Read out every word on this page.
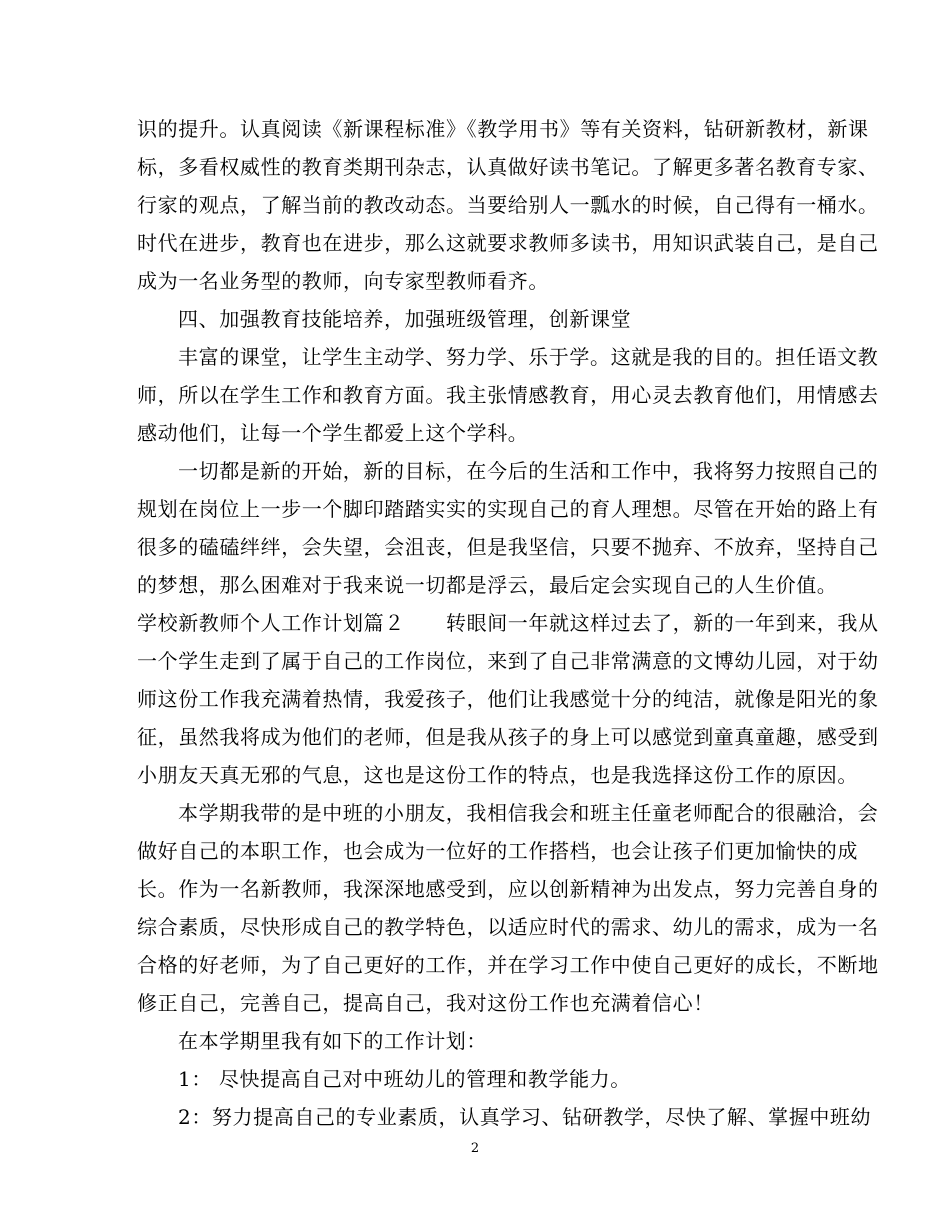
识的提升。认真阅读《新课程标准》《教学用书》等有关资料，钻研新教材，新课
标，多看权威性的教育类期刊杂志，认真做好读书笔记。了解更多著名教育专家、
行家的观点，了解当前的教改动态。当要给别人一瓢水的时候，自己得有一桶水。
时代在进步，教育也在进步，那么这就要求教师多读书，用知识武装自己，是自己
成为一名业务型的教师，向专家型教师看齐。
四、加强教育技能培养，加强班级管理，创新课堂
丰富的课堂，让学生主动学、努力学、乐于学。这就是我的目的。担任语文教
师，所以在学生工作和教育方面。我主张情感教育，用心灵去教育他们，用情感去
感动他们，让每一个学生都爱上这个学科。
一切都是新的开始，新的目标，在今后的生活和工作中，我将努力按照自己的
规划在岗位上一步一个脚印踏踏实实的实现自己的育人理想。尽管在开始的路上有
很多的磕磕绊绊，会失望，会沮丧，但是我坚信，只要不抛弃、不放弃，坚持自己
的梦想，那么困难对于我来说一切都是浮云，最后定会实现自己的人生价值。
学校新教师个人工作计划篇２　　转眼间一年就这样过去了，新的一年到来，我从
一个学生走到了属于自己的工作岗位，来到了自己非常满意的文博幼儿园，对于幼
师这份工作我充满着热情，我爱孩子，他们让我感觉十分的纯洁，就像是阳光的象
征，虽然我将成为他们的老师，但是我从孩子的身上可以感觉到童真童趣，感受到
小朋友天真无邪的气息，这也是这份工作的特点，也是我选择这份工作的原因。
本学期我带的是中班的小朋友，我相信我会和班主任童老师配合的很融洽，会
做好自己的本职工作，也会成为一位好的工作搭档，也会让孩子们更加愉快的成
长。作为一名新教师，我深深地感受到，应以创新精神为出发点，努力完善自身的
综合素质，尽快形成自己的教学特色，以适应时代的需求、幼儿的需求，成为一名
合格的好老师，为了自己更好的工作，并在学习工作中使自己更好的成长，不断地
修正自己，完善自己，提高自己，我对这份工作也充满着信心！
在本学期里我有如下的工作计划：
1： 尽快提高自己对中班幼儿的管理和教学能力。
2：努力提高自己的专业素质，认真学习、钻研教学，尽快了解、掌握中班幼
2
